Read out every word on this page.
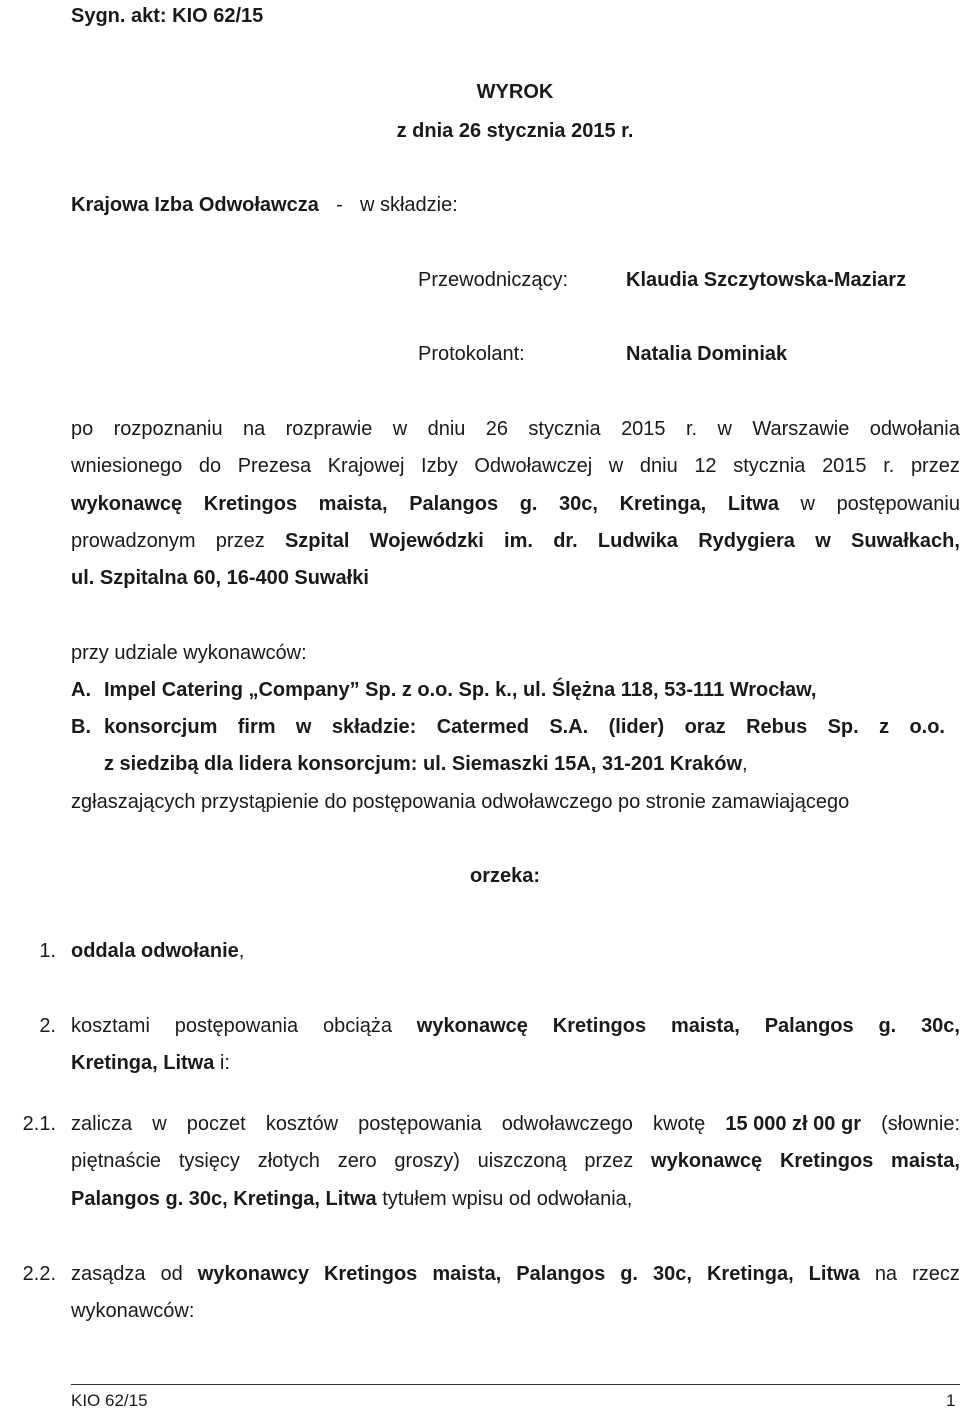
Sygn. akt: KIO 62/15
WYROK
z dnia 26 stycznia 2015 r.
Krajowa Izba Odwoławcza - w składzie:
Przewodniczący:	Klaudia Szczytowska-Maziarz
Protokolant:	Natalia Dominiak
po rozpoznaniu na rozprawie w dniu 26 stycznia 2015 r. w Warszawie odwołania
wniesionego do Prezesa Krajowej Izby Odwoławczej w dniu 12 stycznia 2015 r. przez
wykonawcę Kretingos maista, Palangos g. 30c, Kretinga, Litwa w postępowaniu
prowadzonym przez Szpital Wojewódzki im. dr. Ludwika Rydygiera w Suwałkach,
ul. Szpitalna 60, 16-400 Suwałki
przy udziale wykonawców:
A. Impel Catering „Company” Sp. z o.o. Sp. k., ul. Ślężna 118, 53-111 Wrocław,
B. konsorcjum firm w składzie: Catermed S.A. (lider) oraz Rebus Sp. z o.o.
z siedzibą dla lidera konsorcjum: ul. Siemaszki 15A, 31-201 Kraków,
zgłaszających przystąpienie do postępowania odwoławczego po stronie zamawiającego
orzeka:
1. oddala odwołanie,
2. kosztami postępowania obciąża wykonawcę Kretingos maista, Palangos g. 30c,
Kretinga, Litwa i:
2.1. zalicza w poczet kosztów postępowania odwoławczego kwotę 15 000 zł 00 gr (słownie:
piętnaście tysięcy złotych zero groszy) uiszczoną przez wykonawcę Kretingos maista,
Palangos g. 30c, Kretinga, Litwa tytułem wpisu od odwołania,
2.2. zasądza od wykonawcy Kretingos maista, Palangos g. 30c, Kretinga, Litwa na rzecz
wykonawców:
KIO 62/15	1
